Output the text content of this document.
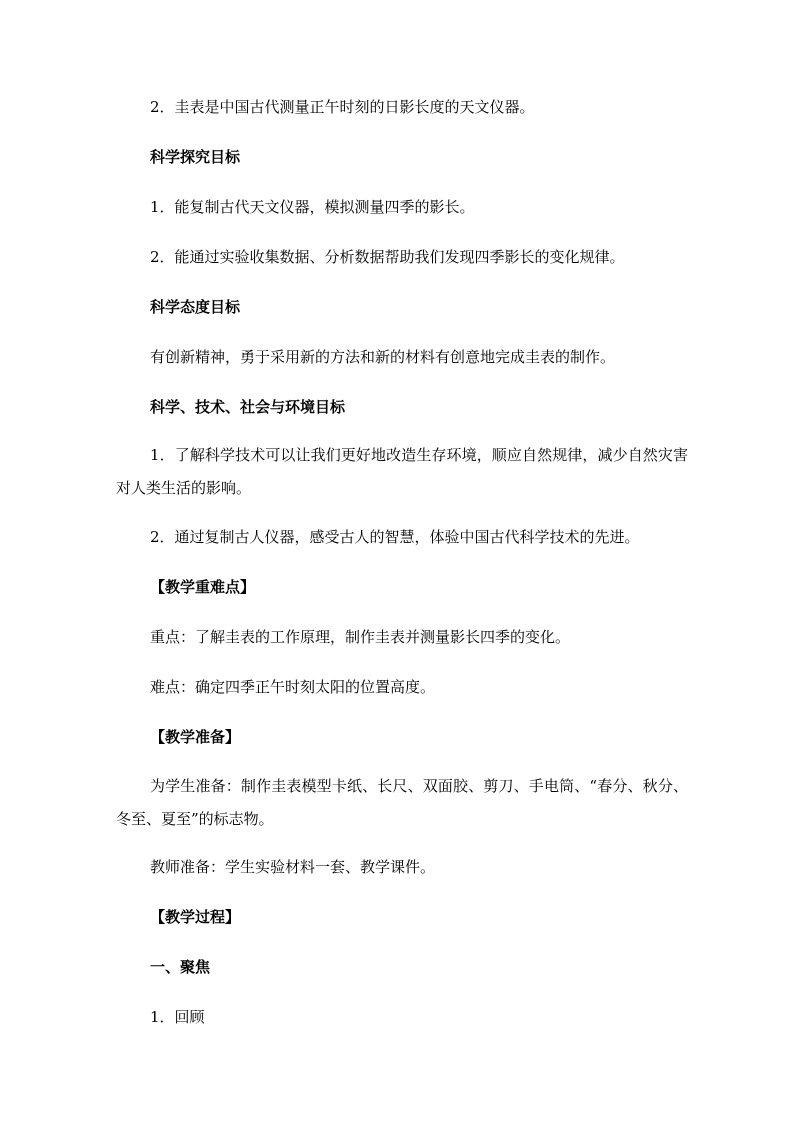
2．圭表是中国古代测量正午时刻的日影长度的天文仪器。
科学探究目标
1．能复制古代天文仪器，模拟测量四季的影长。
2．能通过实验收集数据、分析数据帮助我们发现四季影长的变化规律。
科学态度目标
有创新精神，勇于采用新的方法和新的材料有创意地完成圭表的制作。
科学、技术、社会与环境目标
1．了解科学技术可以让我们更好地改造生存环境，顺应自然规律，减少自然灾害对人类生活的影响。
2．通过复制古人仪器，感受古人的智慧，体验中国古代科学技术的先进。
【教学重难点】
重点：了解圭表的工作原理，制作圭表并测量影长四季的变化。
难点：确定四季正午时刻太阳的位置高度。
【教学准备】
为学生准备：制作圭表模型卡纸、长尺、双面胶、剪刀、手电筒、“春分、秋分、冬至、夏至”的标志物。
教师准备：学生实验材料一套、教学课件。
【教学过程】
一、聚焦
1．回顾
